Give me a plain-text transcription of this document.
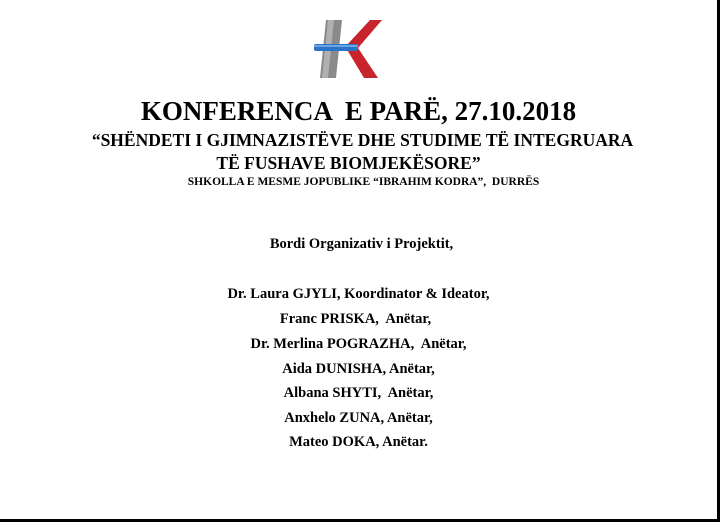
KONFERENCA  E PARË, 27.10.2018
“SHËNDETI I GJIMNAZISTËVE DHE STUDIME TË INTEGRUARA
TË FUSHAVE BIOMJEKËSORE”
SHKOLLA E MESME JOPUBLIKE “IBRAHIM KODRA”,  DURRËS
Bordi Organizativ i Projektit,
Dr. Laura GJYLI, Koordinator & Ideator,
Franc PRISKA,  Anëtar,
Dr. Merlina POGRAZHA,  Anëtar,
Aida DUNISHA, Anëtar,
Albana SHYTI,  Anëtar,
Anxhelo ZUNA, Anëtar,
Mateo DOKA, Anëtar.
